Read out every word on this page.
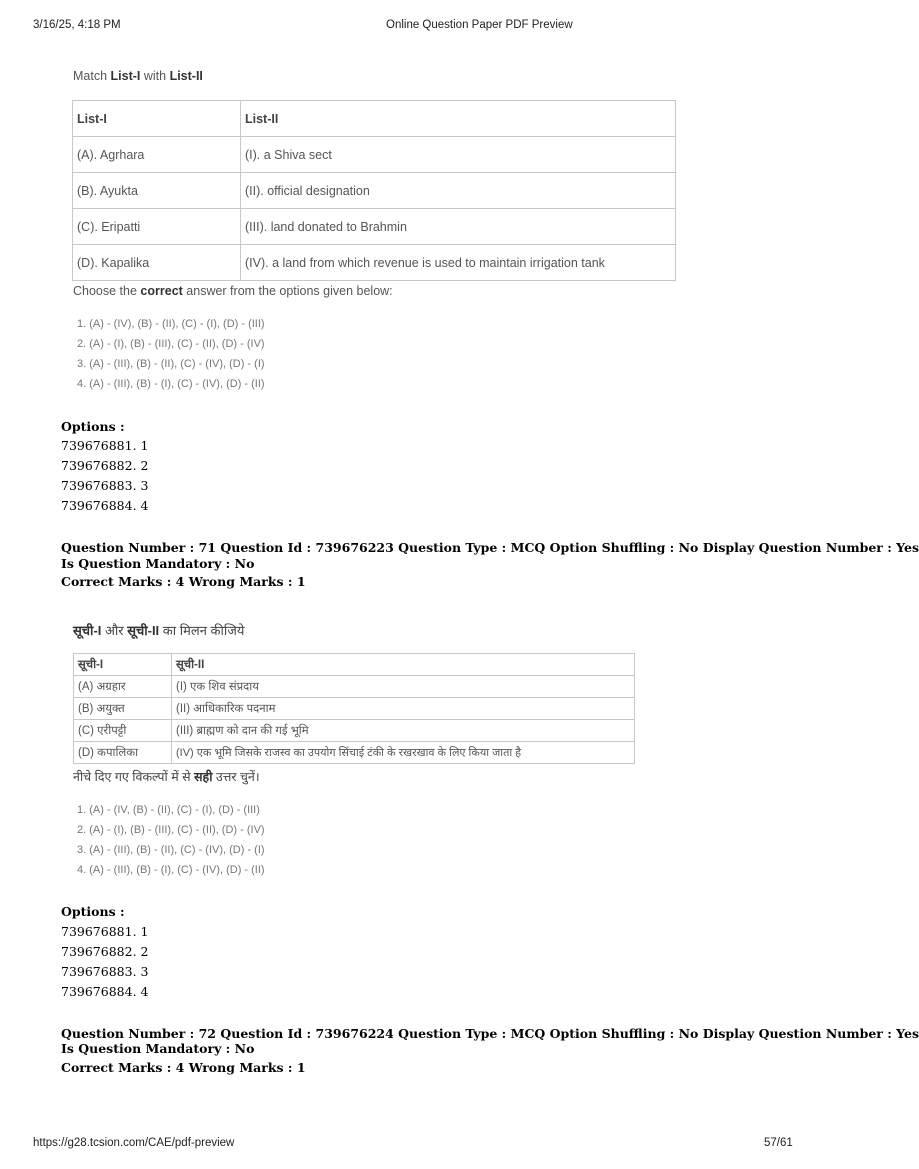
3/16/25, 4:18 PM	Online Question Paper PDF Preview
Match List-I with List-II
List-I	List-II
(A). Agrhara	(I). a Shiva sect
(B). Ayukta	(II). official designation
(C). Eripatti	(III). land donated to Brahmin
(D). Kapalika	(IV). a land from which revenue is used to maintain irrigation tank
Choose the correct answer from the options given below:
1. (A) - (IV), (B) - (II), (C) - (I), (D) - (III)
2. (A) - (I), (B) - (III), (C) - (II), (D) - (IV)
3. (A) - (III), (B) - (II), (C) - (IV), (D) - (I)
4. (A) - (III), (B) - (I), (C) - (IV), (D) - (II)
Options :
739676881. 1
739676882. 2
739676883. 3
739676884. 4
Question Number : 71 Question Id : 739676223 Question Type : MCQ Option Shuffling : No Display Question Number : Yes
Is Question Mandatory : No
Correct Marks : 4 Wrong Marks : 1
सूची-I और सूची-II का मिलन कीजिये
सूची-I	सूची-II
(A) अग्रहार	(I) एक शिव संप्रदाय
(B) अयुक्त	(II) आधिकारिक पदनाम
(C) एरीपट्टी	(III) ब्राह्मण को दान की गई भूमि
(D) कपालिका	(IV) एक भूमि जिसके राजस्व का उपयोग सिंचाई टंकी के रखरखाव के लिए किया जाता है
नीचे दिए गए विकल्पों में से सही उत्तर चुनें।
1. (A) - (IV, (B) - (II), (C) - (I), (D) - (III)
2. (A) - (I), (B) - (III), (C) - (II), (D) - (IV)
3. (A) - (III), (B) - (II), (C) - (IV), (D) - (I)
4. (A) - (III), (B) - (I), (C) - (IV), (D) - (II)
Options :
739676881. 1
739676882. 2
739676883. 3
739676884. 4
Question Number : 72 Question Id : 739676224 Question Type : MCQ Option Shuffling : No Display Question Number : Yes
Is Question Mandatory : No
Correct Marks : 4 Wrong Marks : 1
https://g28.tcsion.com/CAE/pdf-preview	57/61
